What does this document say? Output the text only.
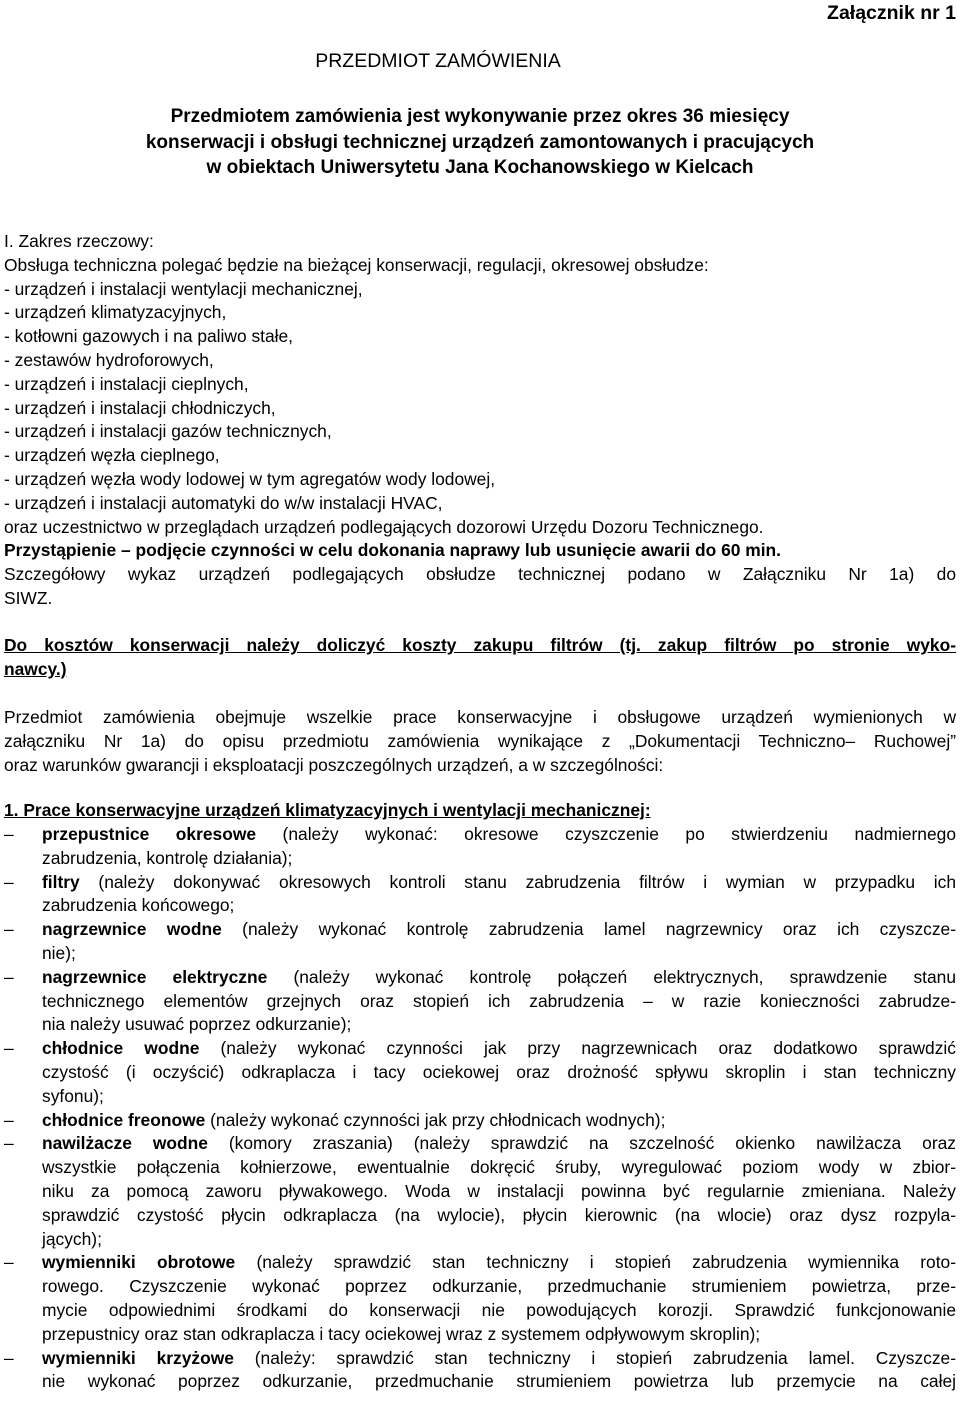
Załącznik nr 1
PRZEDMIOT ZAMÓWIENIA
Przedmiotem zamówienia jest wykonywanie przez okres 36 miesięcy
konserwacji i obsługi technicznej urządzeń zamontowanych i pracujących
w obiektach Uniwersytetu Jana Kochanowskiego w Kielcach
I. Zakres rzeczowy:
Obsługa techniczna polegać będzie na bieżącej konserwacji, regulacji, okresowej obsłudze:
- urządzeń i instalacji wentylacji mechanicznej,
- urządzeń klimatyzacyjnych,
- kotłowni gazowych i na paliwo stałe,
- zestawów hydroforowych,
- urządzeń i instalacji cieplnych,
- urządzeń i instalacji chłodniczych,
- urządzeń i instalacji gazów technicznych,
- urządzeń węzła cieplnego,
- urządzeń węzła wody lodowej w tym agregatów wody lodowej,
- urządzeń i instalacji automatyki do w/w instalacji HVAC,
oraz uczestnictwo w przeglądach urządzeń podlegających dozorowi Urzędu Dozoru Technicznego.
Przystąpienie – podjęcie czynności w celu dokonania naprawy lub usunięcie awarii do 60 min.
Szczegółowy wykaz urządzeń podlegających obsłudze technicznej podano w Załączniku Nr 1a) do
SIWZ.
Do kosztów konserwacji należy doliczyć koszty zakupu filtrów (tj. zakup filtrów po stronie wyko-
nawcy.)
Przedmiot zamówienia obejmuje wszelkie prace konserwacyjne i obsługowe urządzeń wymienionych w
załączniku Nr 1a) do opisu przedmiotu zamówienia wynikające z „Dokumentacji Techniczno– Ruchowej”
oraz warunków gwarancji i eksploatacji poszczególnych urządzeń, a w szczególności:
1. Prace konserwacyjne urządzeń klimatyzacyjnych i wentylacji mechanicznej:
–	przepustnice okresowe (należy wykonać: okresowe czyszczenie po stwierdzeniu nadmiernego
zabrudzenia, kontrolę działania);
–	filtry (należy dokonywać okresowych kontroli stanu zabrudzenia filtrów i wymian w przypadku ich
zabrudzenia końcowego;
–	nagrzewnice wodne (należy wykonać kontrolę zabrudzenia lamel nagrzewnicy oraz ich czyszcze-
nie);
–	nagrzewnice elektryczne (należy wykonać kontrolę połączeń elektrycznych, sprawdzenie stanu
technicznego elementów grzejnych oraz stopień ich zabrudzenia – w razie konieczności zabrudze-
nia należy usuwać poprzez odkurzanie);
–	chłodnice wodne (należy wykonać czynności jak przy nagrzewnicach oraz dodatkowo sprawdzić
czystość (i oczyścić) odkraplacza i tacy ociekowej oraz drożność spływu skroplin i stan techniczny
syfonu);
–	chłodnice freonowe (należy wykonać czynności jak przy chłodnicach wodnych);
–	nawilżacze wodne (komory zraszania) (należy sprawdzić na szczelność okienko nawilżacza oraz
wszystkie połączenia kołnierzowe, ewentualnie dokręcić śruby, wyregulować poziom wody w zbior-
niku za pomocą zaworu pływakowego. Woda w instalacji powinna być regularnie zmieniana. Należy
sprawdzić czystość płycin odkraplacza (na wylocie), płycin kierownic (na wlocie) oraz dysz rozpyla-
jących);
–	wymienniki obrotowe (należy sprawdzić stan techniczny i stopień zabrudzenia wymiennika roto-
rowego. Czyszczenie wykonać poprzez odkurzanie, przedmuchanie strumieniem powietrza, prze-
mycie odpowiednimi środkami do konserwacji nie powodujących korozji. Sprawdzić funkcjonowanie
przepustnicy oraz stan odkraplacza i tacy ociekowej wraz z systemem odpływowym skroplin);
–	wymienniki krzyżowe (należy: sprawdzić stan techniczny i stopień zabrudzenia lamel. Czyszcze-
nie wykonać poprzez odkurzanie, przedmuchanie strumieniem powietrza lub przemycie na całej
